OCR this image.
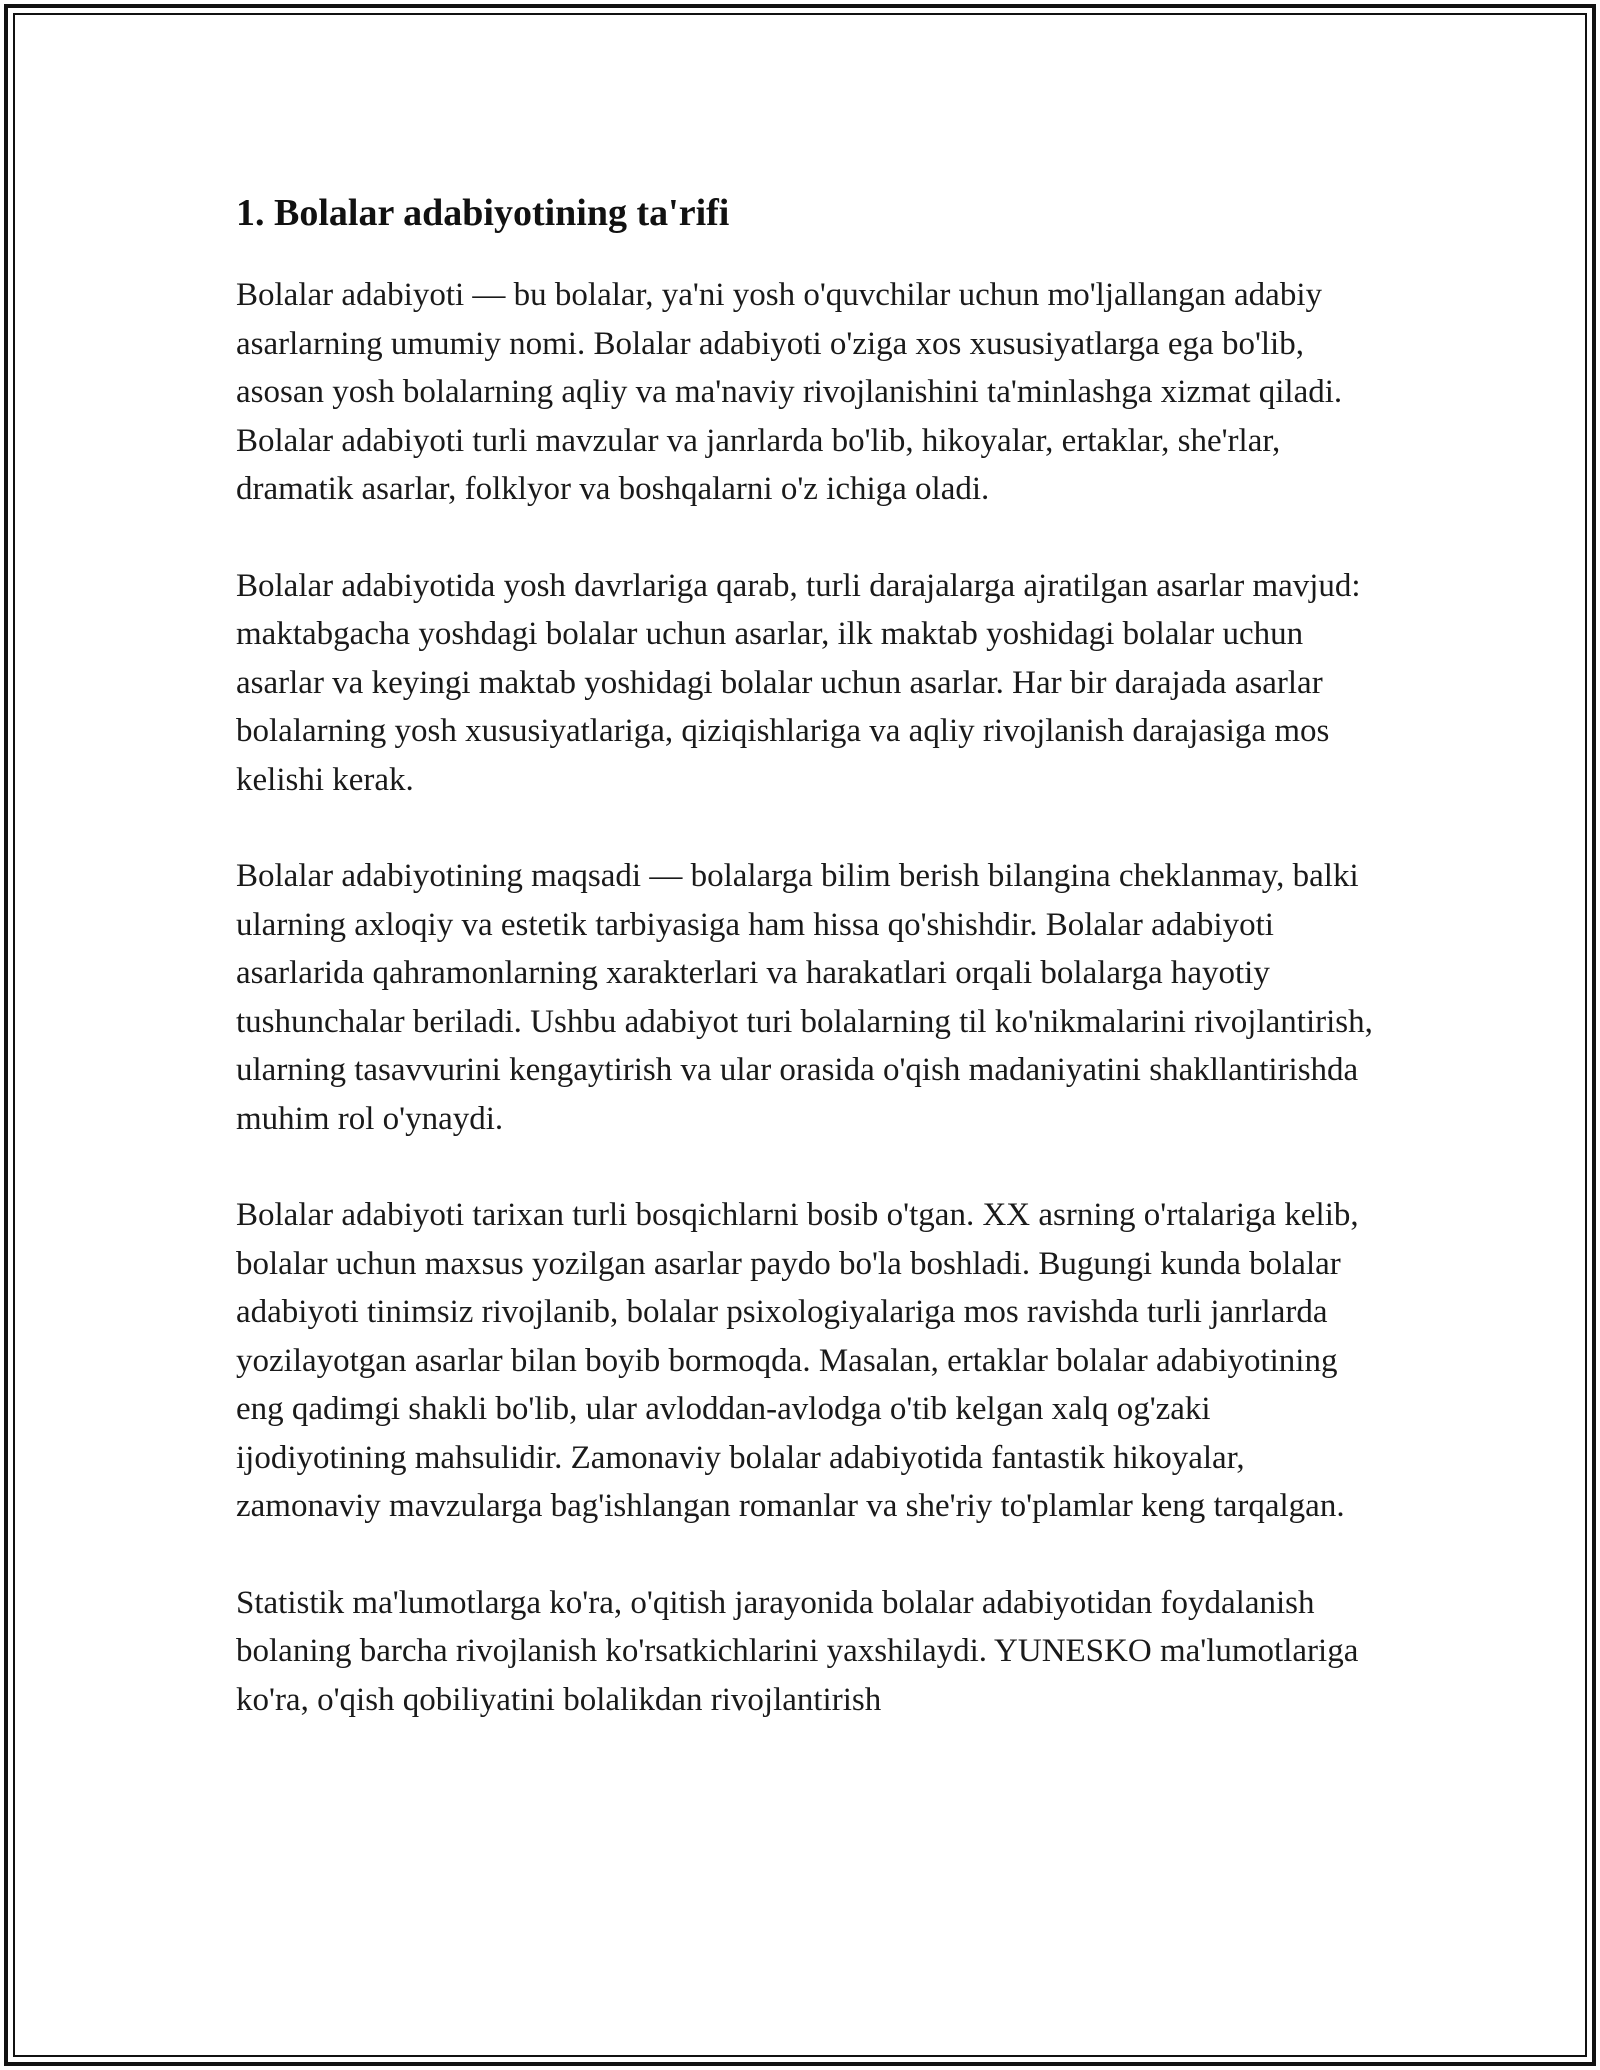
1. Bolalar adabiyotining ta'rifi

Bolalar adabiyoti — bu bolalar, ya'ni yosh o'quvchilar uchun mo'ljallangan adabiy asarlarning umumiy nomi. Bolalar adabiyoti o'ziga xos xususiyatlarga ega bo'lib, asosan yosh bolalarning aqliy va ma'naviy rivojlanishini ta'minlashga xizmat qiladi. Bolalar adabiyoti turli mavzular va janrlarda bo'lib, hikoyalar, ertaklar, she'rlar, dramatik asarlar, folklyor va boshqalarni o'z ichiga oladi.

Bolalar adabiyotida yosh davrlariga qarab, turli darajalarga ajratilgan asarlar mavjud: maktabgacha yoshdagi bolalar uchun asarlar, ilk maktab yoshidagi bolalar uchun asarlar va keyingi maktab yoshidagi bolalar uchun asarlar. Har bir darajada asarlar bolalarning yosh xususiyatlariga, qiziqishlariga va aqliy rivojlanish darajasiga mos kelishi kerak.

Bolalar adabiyotining maqsadi — bolalarga bilim berish bilangina cheklanmay, balki ularning axloqiy va estetik tarbiyasiga ham hissa qo'shishdir. Bolalar adabiyoti asarlarida qahramonlarning xarakterlari va harakatlari orqali bolalarga hayotiy tushunchalar beriladi. Ushbu adabiyot turi bolalarning til ko'nikmalarini rivojlantirish, ularning tasavvurini kengaytirish va ular orasida o'qish madaniyatini shakllantirishda muhim rol o'ynaydi.

Bolalar adabiyoti tarixan turli bosqichlarni bosib o'tgan. XX asrning o'rtalariga kelib, bolalar uchun maxsus yozilgan asarlar paydo bo'la boshladi. Bugungi kunda bolalar adabiyoti tinimsiz rivojlanib, bolalar psixologiyalariga mos ravishda turli janrlarda yozilayotgan asarlar bilan boyib bormoqda. Masalan, ertaklar bolalar adabiyotining eng qadimgi shakli bo'lib, ular avloddan-avlodga o'tib kelgan xalq og'zaki ijodiyotining mahsulidir. Zamonaviy bolalar adabiyotida fantastik hikoyalar, zamonaviy mavzularga bag'ishlangan romanlar va she'riy to'plamlar keng tarqalgan.

Statistik ma'lumotlarga ko'ra, o'qitish jarayonida bolalar adabiyotidan foydalanish bolaning barcha rivojlanish ko'rsatkichlarini yaxshilaydi. YUNESKO ma'lumotlariga ko'ra, o'qish qobiliyatini bolalikdan rivojlantirish
